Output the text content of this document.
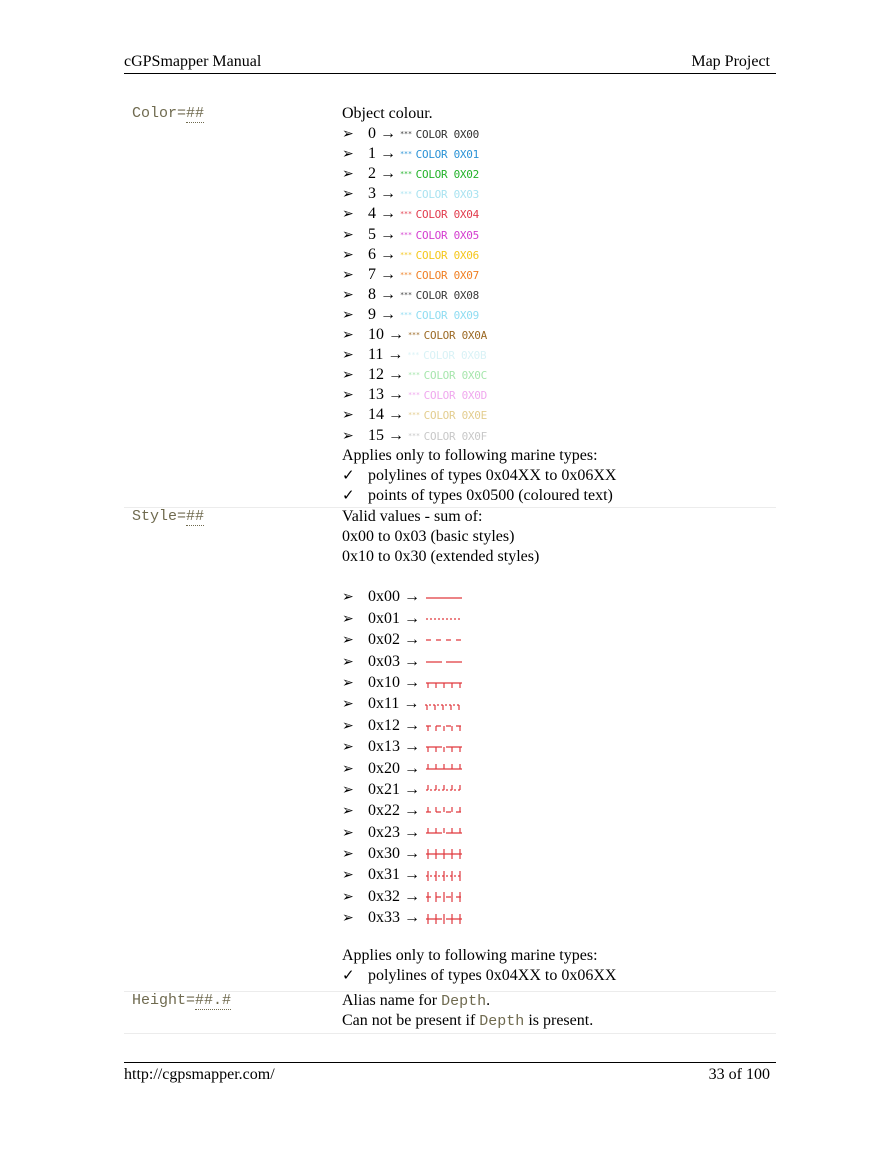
cGPSmapper Manual	Map Project
Color=##	Object colour.
➢ 0 → *** COLOR 0X00
➢ 1 → *** COLOR 0X01
➢ 2 → *** COLOR 0X02
➢ 3 → *** COLOR 0X03
➢ 4 → *** COLOR 0X04
➢ 5 → *** COLOR 0X05
➢ 6 → *** COLOR 0X06
➢ 7 → *** COLOR 0X07
➢ 8 → *** COLOR 0X08
➢ 9 → *** COLOR 0X09
➢ 10 → *** COLOR 0X0A
➢ 11 → *** COLOR 0X0B
➢ 12 → *** COLOR 0X0C
➢ 13 → *** COLOR 0X0D
➢ 14 → *** COLOR 0X0E
➢ 15 → *** COLOR 0X0F
Applies only to following marine types:
✓ polylines of types 0x04XX to 0x06XX
✓ points of types 0x0500 (coloured text)
Style=##	Valid values - sum of:
0x00 to 0x03 (basic styles)
0x10 to 0x30 (extended styles)
➢ 0x00 →
➢ 0x01 →
➢ 0x02 →
➢ 0x03 →
➢ 0x10 →
➢ 0x11 →
➢ 0x12 →
➢ 0x13 →
➢ 0x20 →
➢ 0x21 →
➢ 0x22 →
➢ 0x23 →
➢ 0x30 →
➢ 0x31 →
➢ 0x32 →
➢ 0x33 →
Applies only to following marine types:
✓ polylines of types 0x04XX to 0x06XX
Height=##.#	Alias name for Depth.
Can not be present if Depth is present.
http://cgpsmapper.com/	33 of 100
